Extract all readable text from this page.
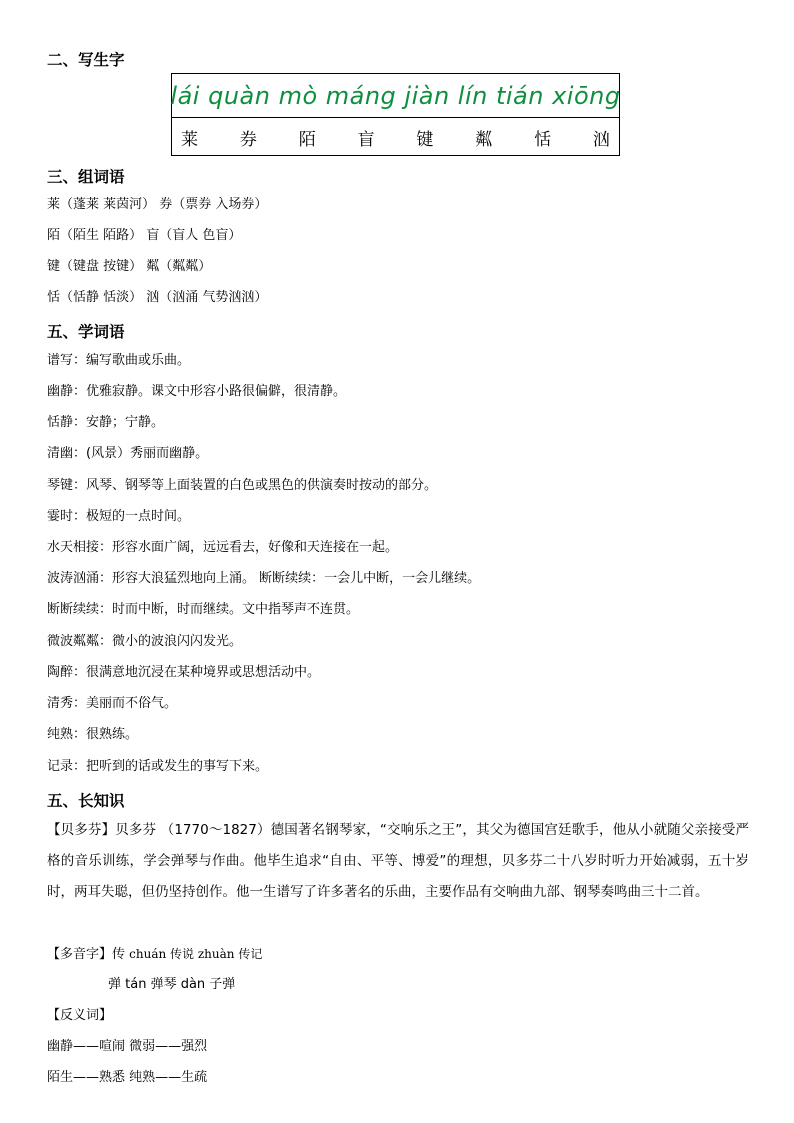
二、写生字
lái quàn mò máng jiàn lín tián xiōng
莱 券 陌 盲 键 粼 恬 汹
三、组词语
莱（蓬莱 莱茵河） 券（票券 入场券）
陌（陌生 陌路） 盲（盲人 色盲）
键（键盘 按键） 粼（粼粼）
恬（恬静 恬淡） 汹（汹涌 气势汹汹）
五、学词语
谱写：编写歌曲或乐曲。
幽静：优雅寂静。课文中形容小路很偏僻，很清静。
恬静：安静；宁静。
清幽：(风景）秀丽而幽静。
琴键：风琴、钢琴等上面装置的白色或黑色的供演奏时按动的部分。
霎时：极短的一点时间。
水天相接：形容水面广阔，远远看去，好像和天连接在一起。
波涛汹涌：形容大浪猛烈地向上涌。 断断续续：一会儿中断，一会儿继续。
断断续续：时而中断，时而继续。文中指琴声不连贯。
微波粼粼：微小的波浪闪闪发光。
陶醉：很满意地沉浸在某种境界或思想活动中。
清秀：美丽而不俗气。
纯熟：很熟练。
记录：把听到的话或发生的事写下来。
五、长知识
【贝多芬】贝多芬 （1770～1827）德国著名钢琴家，“交响乐之王”，其父为德国宫廷歌手，他从小就随父亲接受严格的音乐训练，学会弹琴与作曲。他毕生追求“自由、平等、博爱”的理想，贝多芬二十八岁时听力开始减弱，五十岁时，两耳失聪，但仍坚持创作。他一生谱写了许多著名的乐曲，主要作品有交响曲九部、钢琴奏鸣曲三十二首。
【多音字】传 chuán 传说 zhuàn 传记
弹 tán 弹琴 dàn 子弹
【反义词】
幽静——喧闹 微弱——强烈
陌生——熟悉 纯熟——生疏
